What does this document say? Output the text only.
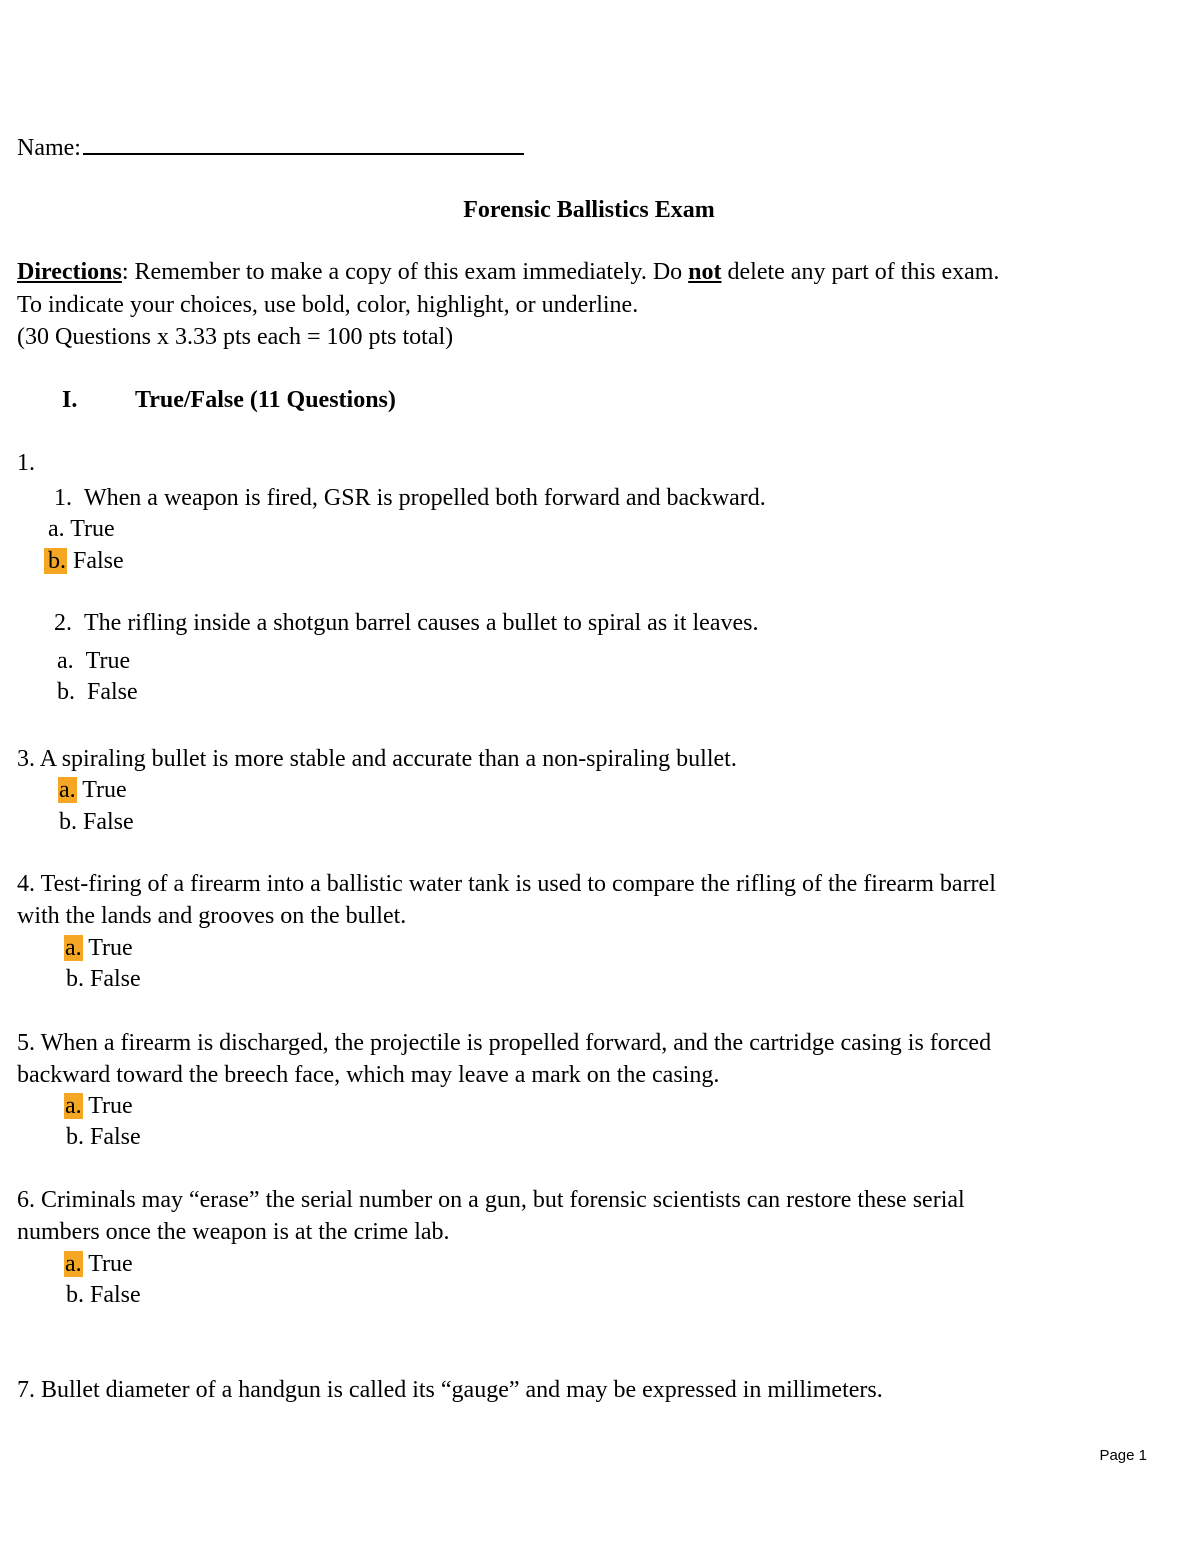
Name:
Forensic Ballistics Exam
Directions: Remember to make a copy of this exam immediately. Do not delete any part of this exam.
To indicate your choices, use bold, color, highlight, or underline.
(30 Questions x 3.33 pts each = 100 pts total)
I. True/False (11 Questions)
1.
1. When a weapon is fired, GSR is propelled both forward and backward.
a. True
b. False
2. The rifling inside a shotgun barrel causes a bullet to spiral as it leaves.
a. True
b. False
3. A spiraling bullet is more stable and accurate than a non-spiraling bullet.
a. True
b. False
4. Test-firing of a firearm into a ballistic water tank is used to compare the rifling of the firearm barrel
with the lands and grooves on the bullet.
a. True
b. False
5. When a firearm is discharged, the projectile is propelled forward, and the cartridge casing is forced
backward toward the breech face, which may leave a mark on the casing.
a. True
b. False
6. Criminals may “erase” the serial number on a gun, but forensic scientists can restore these serial
numbers once the weapon is at the crime lab.
a. True
b. False
7. Bullet diameter of a handgun is called its “gauge” and may be expressed in millimeters.
Page 1
